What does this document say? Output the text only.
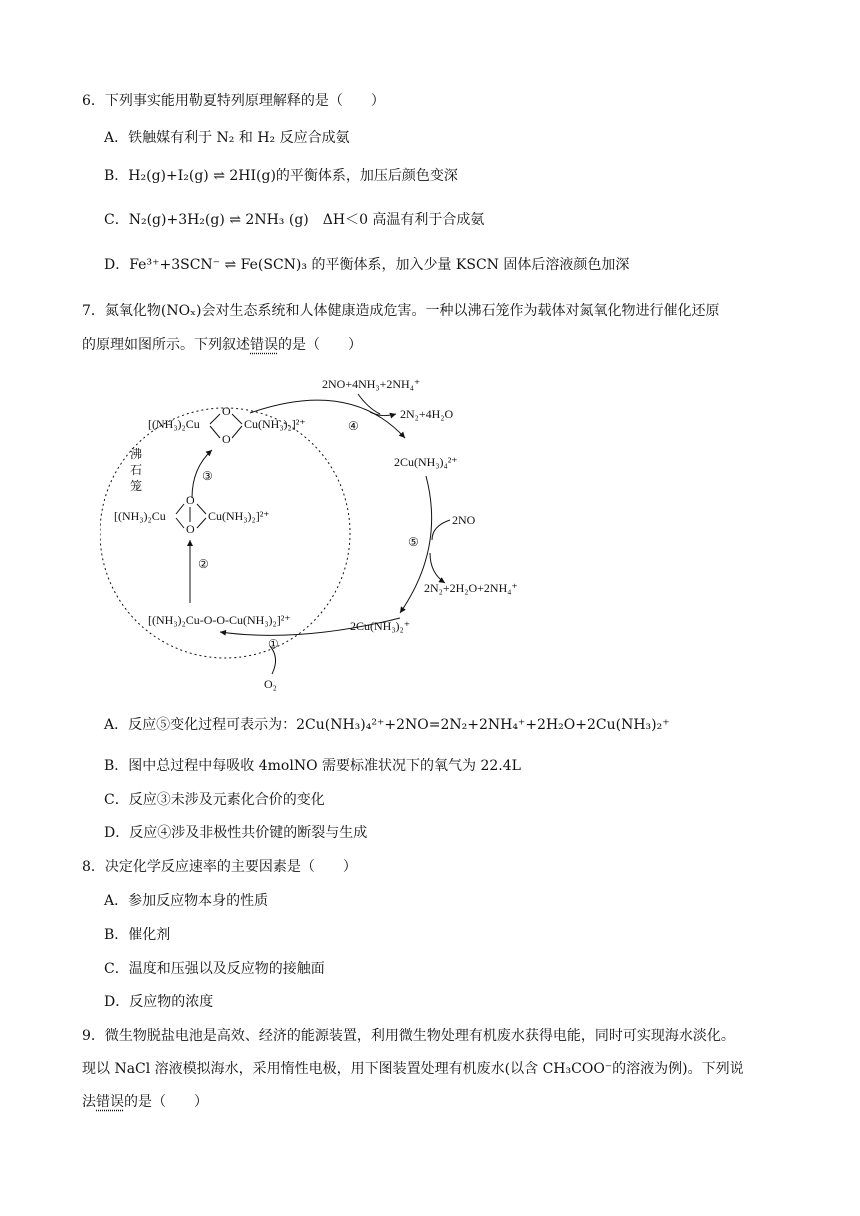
6．下列事实能用勒夏特列原理解释的是（　　）
A．铁触媒有利于 N₂ 和 H₂ 反应合成氨
B．H₂(g)+I₂(g) ⇌ 2HI(g)的平衡体系，加压后颜色变深
C．N₂(g)+3H₂(g) ⇌ 2NH₃ (g)　ΔH＜0 高温有利于合成氨
D．Fe³⁺+3SCN⁻ ⇌ Fe(SCN)₃ 的平衡体系，加入少量 KSCN 固体后溶液颜色加深
7．氮氧化物(NOₓ)会对生态系统和人体健康造成危害。一种以沸石笼作为载体对氮氧化物进行催化还原
的原理如图所示。下列叙述错误的是（　　）
沸
石
笼
[(NH₃)₂Cu
O
O
Cu(NH₃)₂]²⁺
③
[(NH₃)₂Cu
O
O
Cu(NH₃)₂]²⁺
②
[(NH₃)₂Cu-O-O-Cu(NH₃)₂]²⁺
O₂
①
2NO+4NH₃+2NH₄⁺
2N₂+4H₂O
④
2Cu(NH₃)₄²⁺
2NO
2N₂+2H₂O+2NH₄⁺
⑤
2Cu(NH₃)₂⁺
A．反应⑤变化过程可表示为：2Cu(NH₃)₄²⁺+2NO=2N₂+2NH₄⁺+2H₂O+2Cu(NH₃)₂⁺
B．图中总过程中每吸收 4molNO 需要标准状况下的氧气为 22.4L
C．反应③未涉及元素化合价的变化
D．反应④涉及非极性共价键的断裂与生成
8．决定化学反应速率的主要因素是（　　）
A．参加反应物本身的性质
B．催化剂
C．温度和压强以及反应物的接触面
D．反应物的浓度
9．微生物脱盐电池是高效、经济的能源装置，利用微生物处理有机废水获得电能，同时可实现海水淡化。
现以 NaCl 溶液模拟海水，采用惰性电极，用下图装置处理有机废水(以含 CH₃COO⁻的溶液为例)。下列说
法错误的是（　　）
